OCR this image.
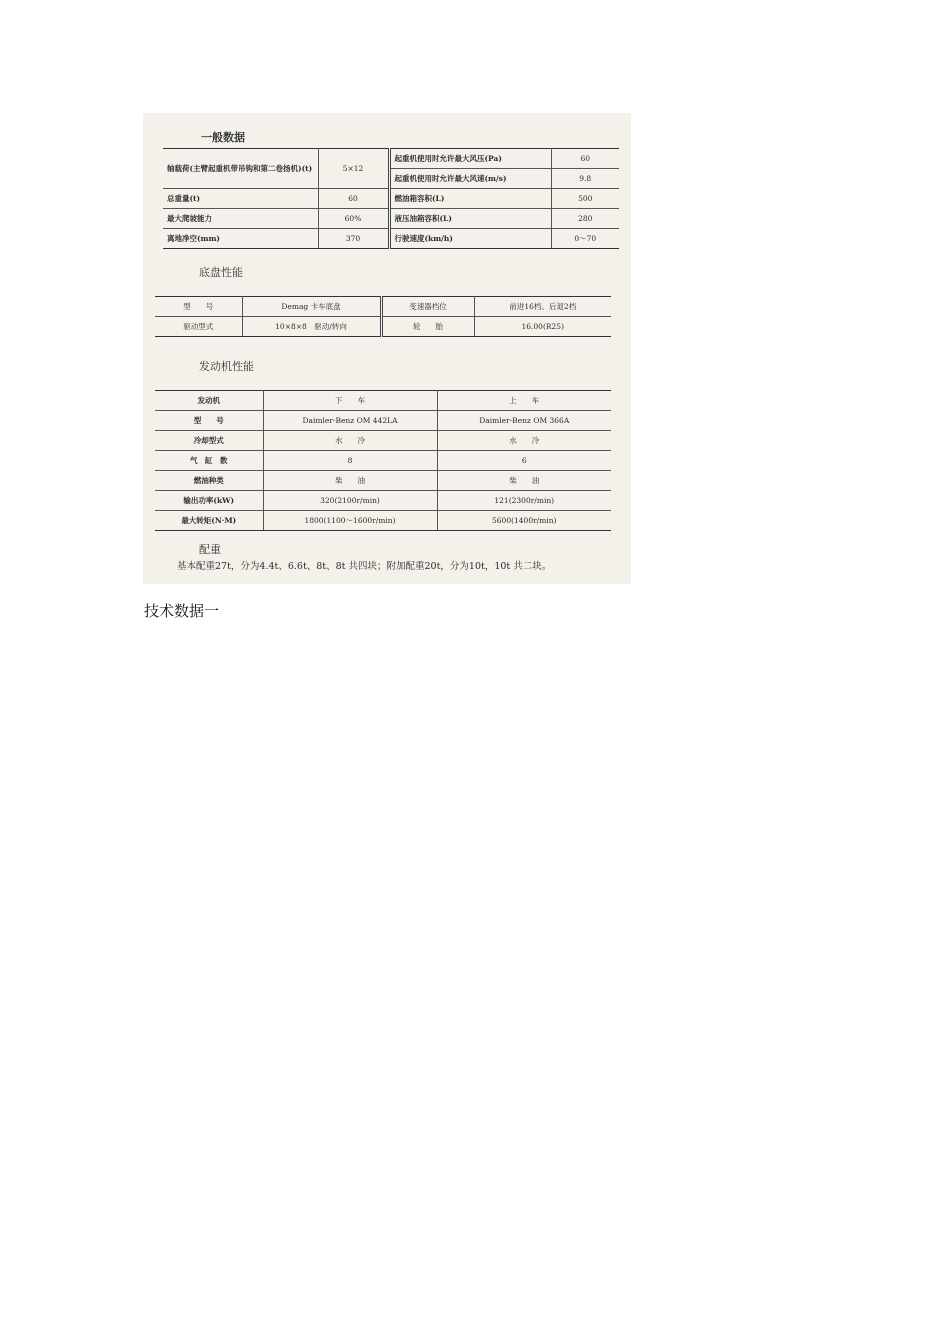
一般数据
轴载荷(主臂起重机带吊钩和第二卷扬机)(t)	5×12	起重机使用时允许最大风压(Pa)	60
		起重机使用时允许最大风速(m/s)	9.8
总重量(t)	60	燃油箱容积(L)	500
最大爬坡能力	60%	液压油箱容积(L)	280
离地净空(mm)	370	行驶速度(km/h)	0～70
底盘性能
型　　号	Demag 卡车底盘	变速器档位	前进16档、后退2档
驱动型式	10×8×8　驱动/转向	轮　　胎	16.00(R25)
发动机性能
发动机	下　　车	上　　车
型　　号	Daimler-Benz OM 442LA	Daimler-Benz OM 366A
冷却型式	水　　冷	水　　冷
气　缸　数	8	6
燃油种类	柴　　油	柴　　油
输出功率(kW)	320(2100r/min)	121(2300r/min)
最大转矩(N·M)	1800(1100～1600r/min)	5600(1400r/min)
配重
基本配重27t，分为4.4t、6.6t、8t、8t 共四块；附加配重20t，分为10t，10t 共二块。
技术数据一
